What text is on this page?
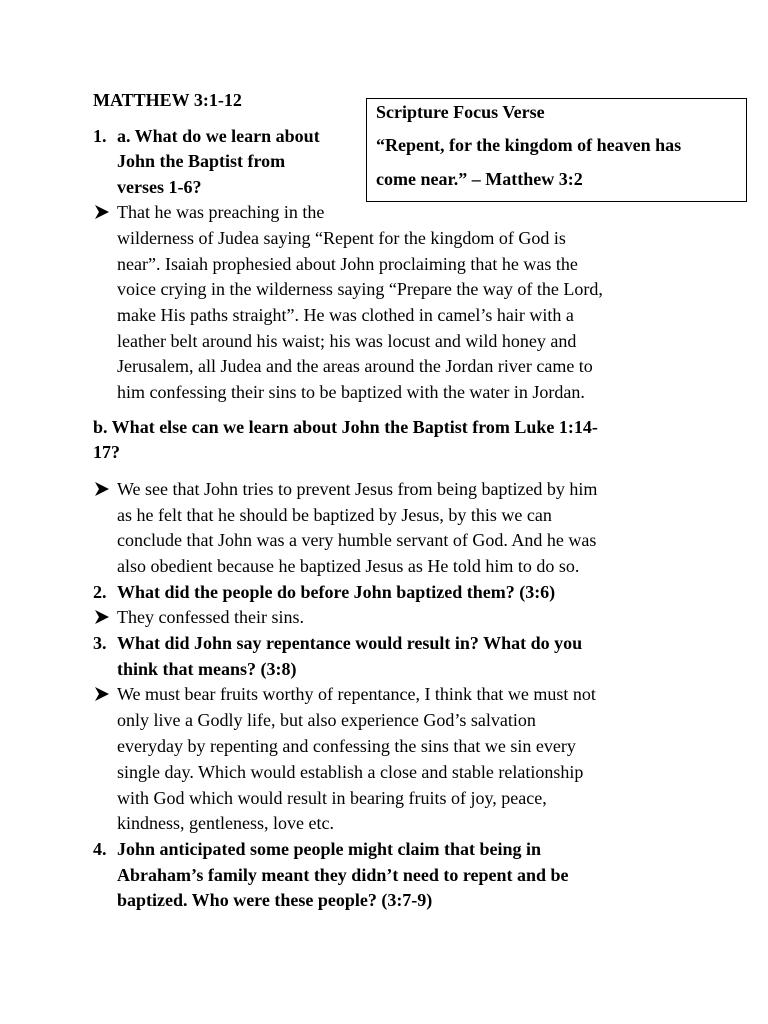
MATTHEW 3:1-12
Scripture Focus Verse
“Repent, for the kingdom of heaven has
come near.” – Matthew 3:2
1. a. What do we learn about
John the Baptist from
verses 1-6?
That he was preaching in the
wilderness of Judea saying “Repent for the kingdom of God is
near”. Isaiah prophesied about John proclaiming that he was the
voice crying in the wilderness saying “Prepare the way of the Lord,
make His paths straight”. He was clothed in camel’s hair with a
leather belt around his waist; his was locust and wild honey and
Jerusalem, all Judea and the areas around the Jordan river came to
him confessing their sins to be baptized with the water in Jordan.
b. What else can we learn about John the Baptist from Luke 1:14-
17?
We see that John tries to prevent Jesus from being baptized by him
as he felt that he should be baptized by Jesus, by this we can
conclude that John was a very humble servant of God. And he was
also obedient because he baptized Jesus as He told him to do so.
2. What did the people do before John baptized them? (3:6)
They confessed their sins.
3. What did John say repentance would result in? What do you
think that means? (3:8)
We must bear fruits worthy of repentance, I think that we must not
only live a Godly life, but also experience God’s salvation
everyday by repenting and confessing the sins that we sin every
single day. Which would establish a close and stable relationship
with God which would result in bearing fruits of joy, peace,
kindness, gentleness, love etc.
4. John anticipated some people might claim that being in
Abraham’s family meant they didn’t need to repent and be
baptized. Who were these people? (3:7-9)
